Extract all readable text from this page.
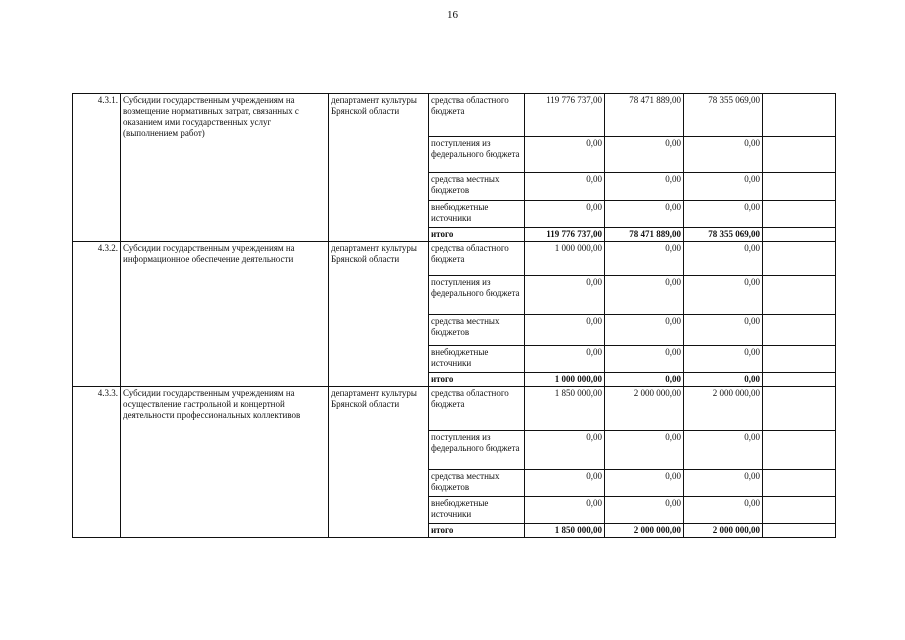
16
4.3.1.	Субсидии государственным учреждениям на возмещение нормативных затрат, связанных с оказанием ими государственных услуг (выполнением работ)	департамент культуры Брянской области	средства областного бюджета	119 776 737,00	78 471 889,00	78 355 069,00	
			поступления из федерального бюджета	0,00	0,00	0,00	
			средства местных бюджетов	0,00	0,00	0,00	
			внебюджетные источники	0,00	0,00	0,00	
			итого	119 776 737,00	78 471 889,00	78 355 069,00	
4.3.2.	Субсидии государственным учреждениям на информационное обеспечение деятельности	департамент культуры Брянской области	средства областного бюджета	1 000 000,00	0,00	0,00	
			поступления из федерального бюджета	0,00	0,00	0,00	
			средства местных бюджетов	0,00	0,00	0,00	
			внебюджетные источники	0,00	0,00	0,00	
			итого	1 000 000,00	0,00	0,00	
4.3.3.	Субсидии государственным учреждениям на осуществление гастрольной и концертной деятельности профессиональных коллективов	департамент культуры Брянской области	средства областного бюджета	1 850 000,00	2 000 000,00	2 000 000,00	
			поступления из федерального бюджета	0,00	0,00	0,00	
			средства местных бюджетов	0,00	0,00	0,00	
			внебюджетные источники	0,00	0,00	0,00	
			итого	1 850 000,00	2 000 000,00	2 000 000,00	
